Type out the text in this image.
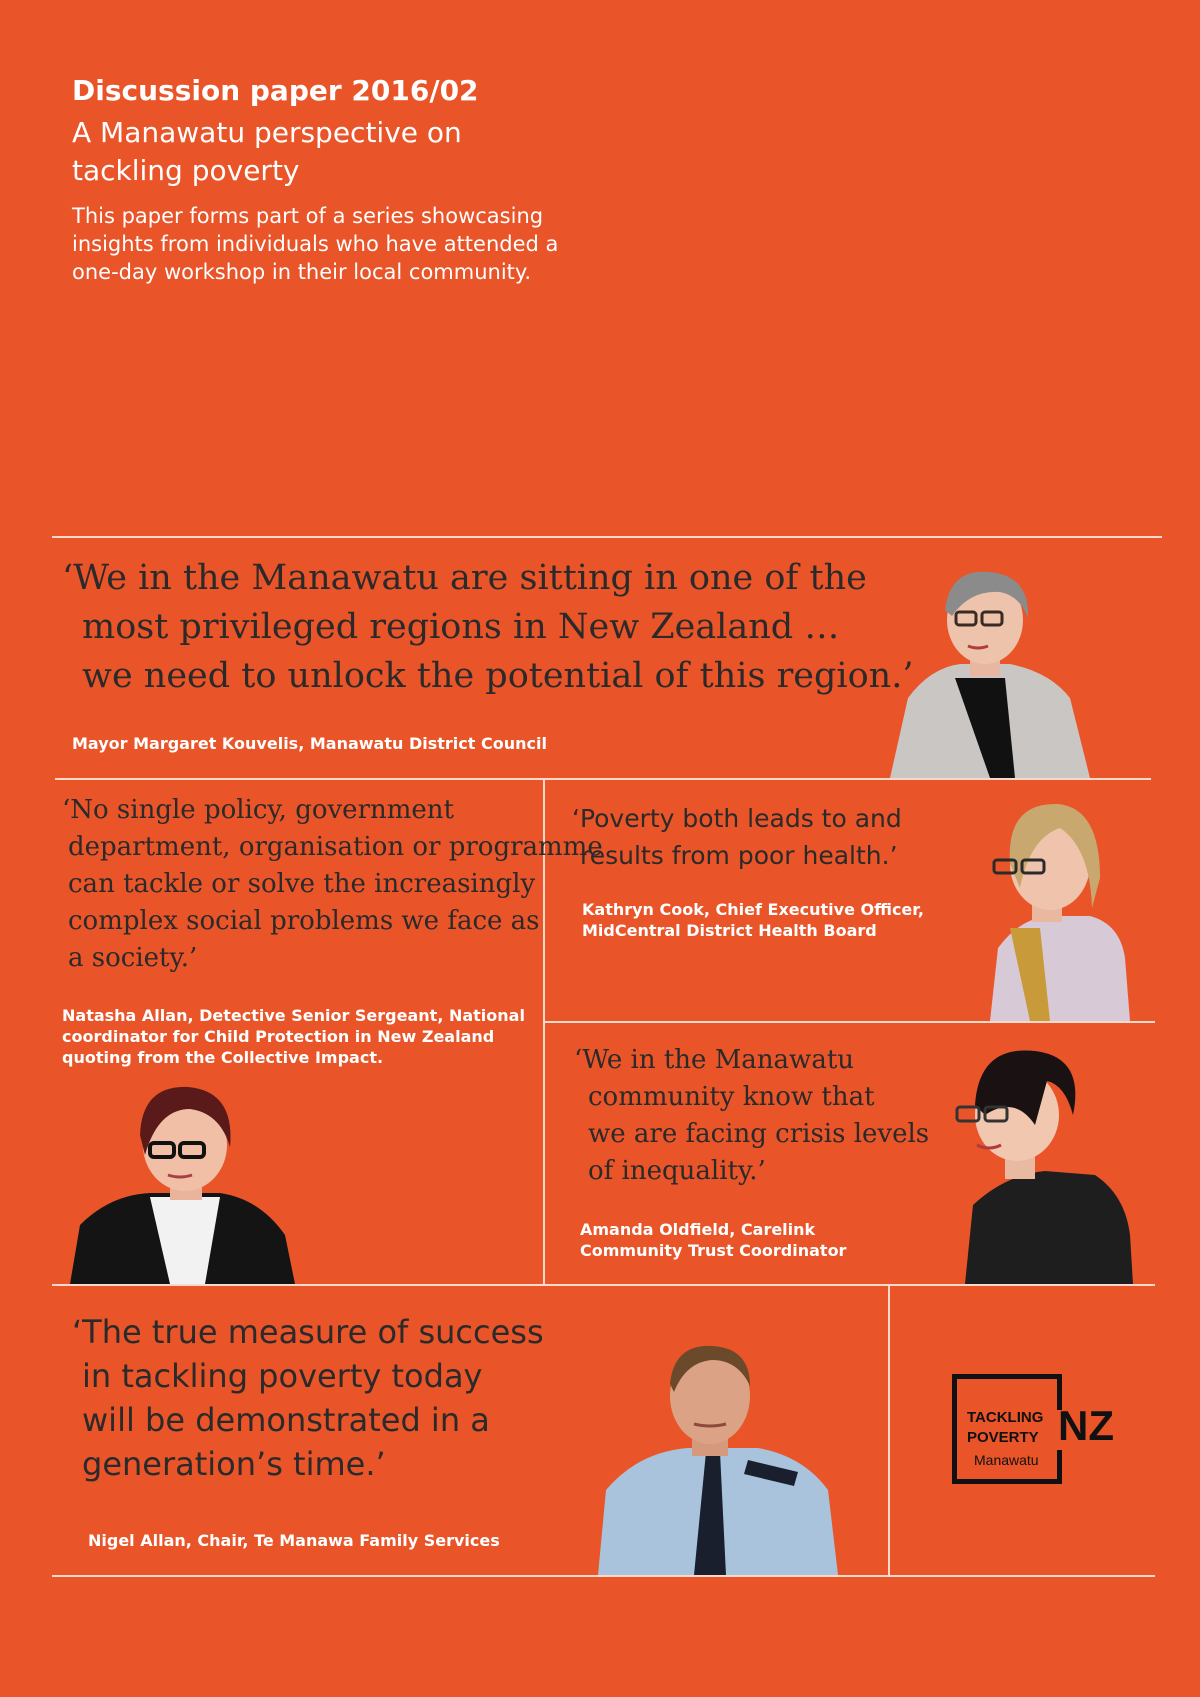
Discussion paper 2016/02
A Manawatu perspective on
tackling poverty
This paper forms part of a series showcasing
insights from individuals who have attended a
one-day workshop in their local community.
‘We in the Manawatu are sitting in one of the
most privileged regions in New Zealand …
we need to unlock the potential of this region.’
Mayor Margaret Kouvelis, Manawatu District Council
‘No single policy, government
department, organisation or programme
can tackle or solve the increasingly
complex social problems we face as
a society.’
Natasha Allan, Detective Senior Sergeant, National
coordinator for Child Protection in New Zealand
quoting from the Collective Impact.
‘Poverty both leads to and
results from poor health.’
Kathryn Cook, Chief Executive Officer,
MidCentral District Health Board
‘We in the Manawatu
community know that
we are facing crisis levels
of inequality.’
Amanda Oldfield, Carelink
Community Trust Coordinator
‘The true measure of success
in tackling poverty today
will be demonstrated in a
generation’s time.’
Nigel Allan, Chair, Te Manawa Family Services
TACKLING
POVERTY NZ
Manawatu
